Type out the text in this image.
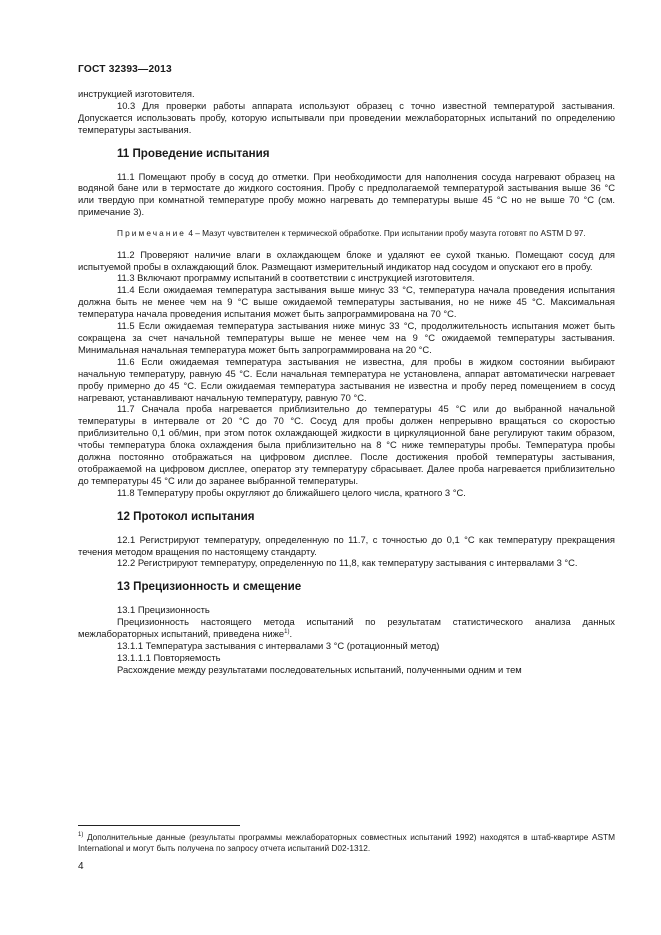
ГОСТ 32393—2013

инструкцией изготовителя.

10.3 Для проверки работы аппарата используют образец с точно известной температурой застывания. Допускается использовать пробу, которую испытывали при проведении межлабораторных испытаний по определению температуры застывания.

11 Проведение испытания

11.1 Помещают пробу в сосуд до отметки. При необходимости для наполнения сосуда нагревают образец на водяной бане или в термостате до жидкого состояния. Пробу с предполагаемой температурой застывания выше 36 °С или твердую при комнатной температуре пробу можно нагревать до температуры выше 45 °С но не выше 70 °С (см. примечание 3).

Примечание 4 – Мазут чувствителен к термической обработке. При испытании пробу мазута готовят по ASTM D 97.

11.2 Проверяют наличие влаги в охлаждающем блоке и удаляют ее сухой тканью. Помещают сосуд для испытуемой пробы в охлаждающий блок. Размещают измерительный индикатор над сосудом и опускают его в пробу.

11.3 Включают программу испытаний в соответствии с инструкцией изготовителя.

11.4 Если ожидаемая температура застывания выше минус 33 °С, температура начала проведения испытания должна быть не менее чем на 9 °С выше ожидаемой температуры застывания, но не ниже 45 °С. Максимальная температура начала проведения испытания может быть запрограммирована на 70 °С.

11.5 Если ожидаемая температура застывания ниже минус 33 °С, продолжительность испытания может быть сокращена за счет начальной температуры выше не менее чем на 9 °С ожидаемой температуры застывания. Минимальная начальная температура может быть запрограммирована на 20 °С.

11.6 Если ожидаемая температура застывания не известна, для пробы в жидком состоянии выбирают начальную температуру, равную 45 °С. Если начальная температура не установлена, аппарат автоматически нагревает пробу примерно до 45 °С. Если ожидаемая температура застывания не известна и пробу перед помещением в сосуд нагревают, устанавливают начальную температуру, равную 70 °С.

11.7 Сначала проба нагревается приблизительно до температуры 45 °С или до выбранной начальной температуры в интервале от 20 °С до 70 °С. Сосуд для пробы должен непрерывно вращаться со скоростью приблизительно 0,1 об/мин, при этом поток охлаждающей жидкости в циркуляционной бане регулируют таким образом, чтобы температура блока охлаждения была приблизительно на 8 °С ниже температуры пробы. Температура пробы должна постоянно отображаться на цифровом дисплее. После достижения пробой температуры застывания, отображаемой на цифровом дисплее, оператор эту температуру сбрасывает. Далее проба нагревается приблизительно до температуры 45 °С или до заранее выбранной температуры.

11.8 Температуру пробы округляют до ближайшего целого числа, кратного 3 °С.

12 Протокол испытания

12.1 Регистрируют температуру, определенную по 11.7, с точностью до 0,1 °С как температуру прекращения течения методом вращения по настоящему стандарту.

12.2 Регистрируют температуру, определенную по 11,8, как температуру застывания с интервалами 3 °С.

13 Прецизионность и смещение

13.1 Прецизионность

Прецизионность настоящего метода испытаний по результатам статистического анализа данных межлабораторных испытаний, приведена ниже$^{1)}$.

13.1.1 Температура застывания с интервалами 3 °С (ротационный метод)

13.1.1.1 Повторяемость

Расхождение между результатами последовательных испытаний, полученными одним и тем

$^{1)}$ Дополнительные данные (результаты программы межлабораторных совместных испытаний 1992) находятся в штаб-квартире ASTM International и могут быть получена по запросу отчета испытаний D02-1312.
4
